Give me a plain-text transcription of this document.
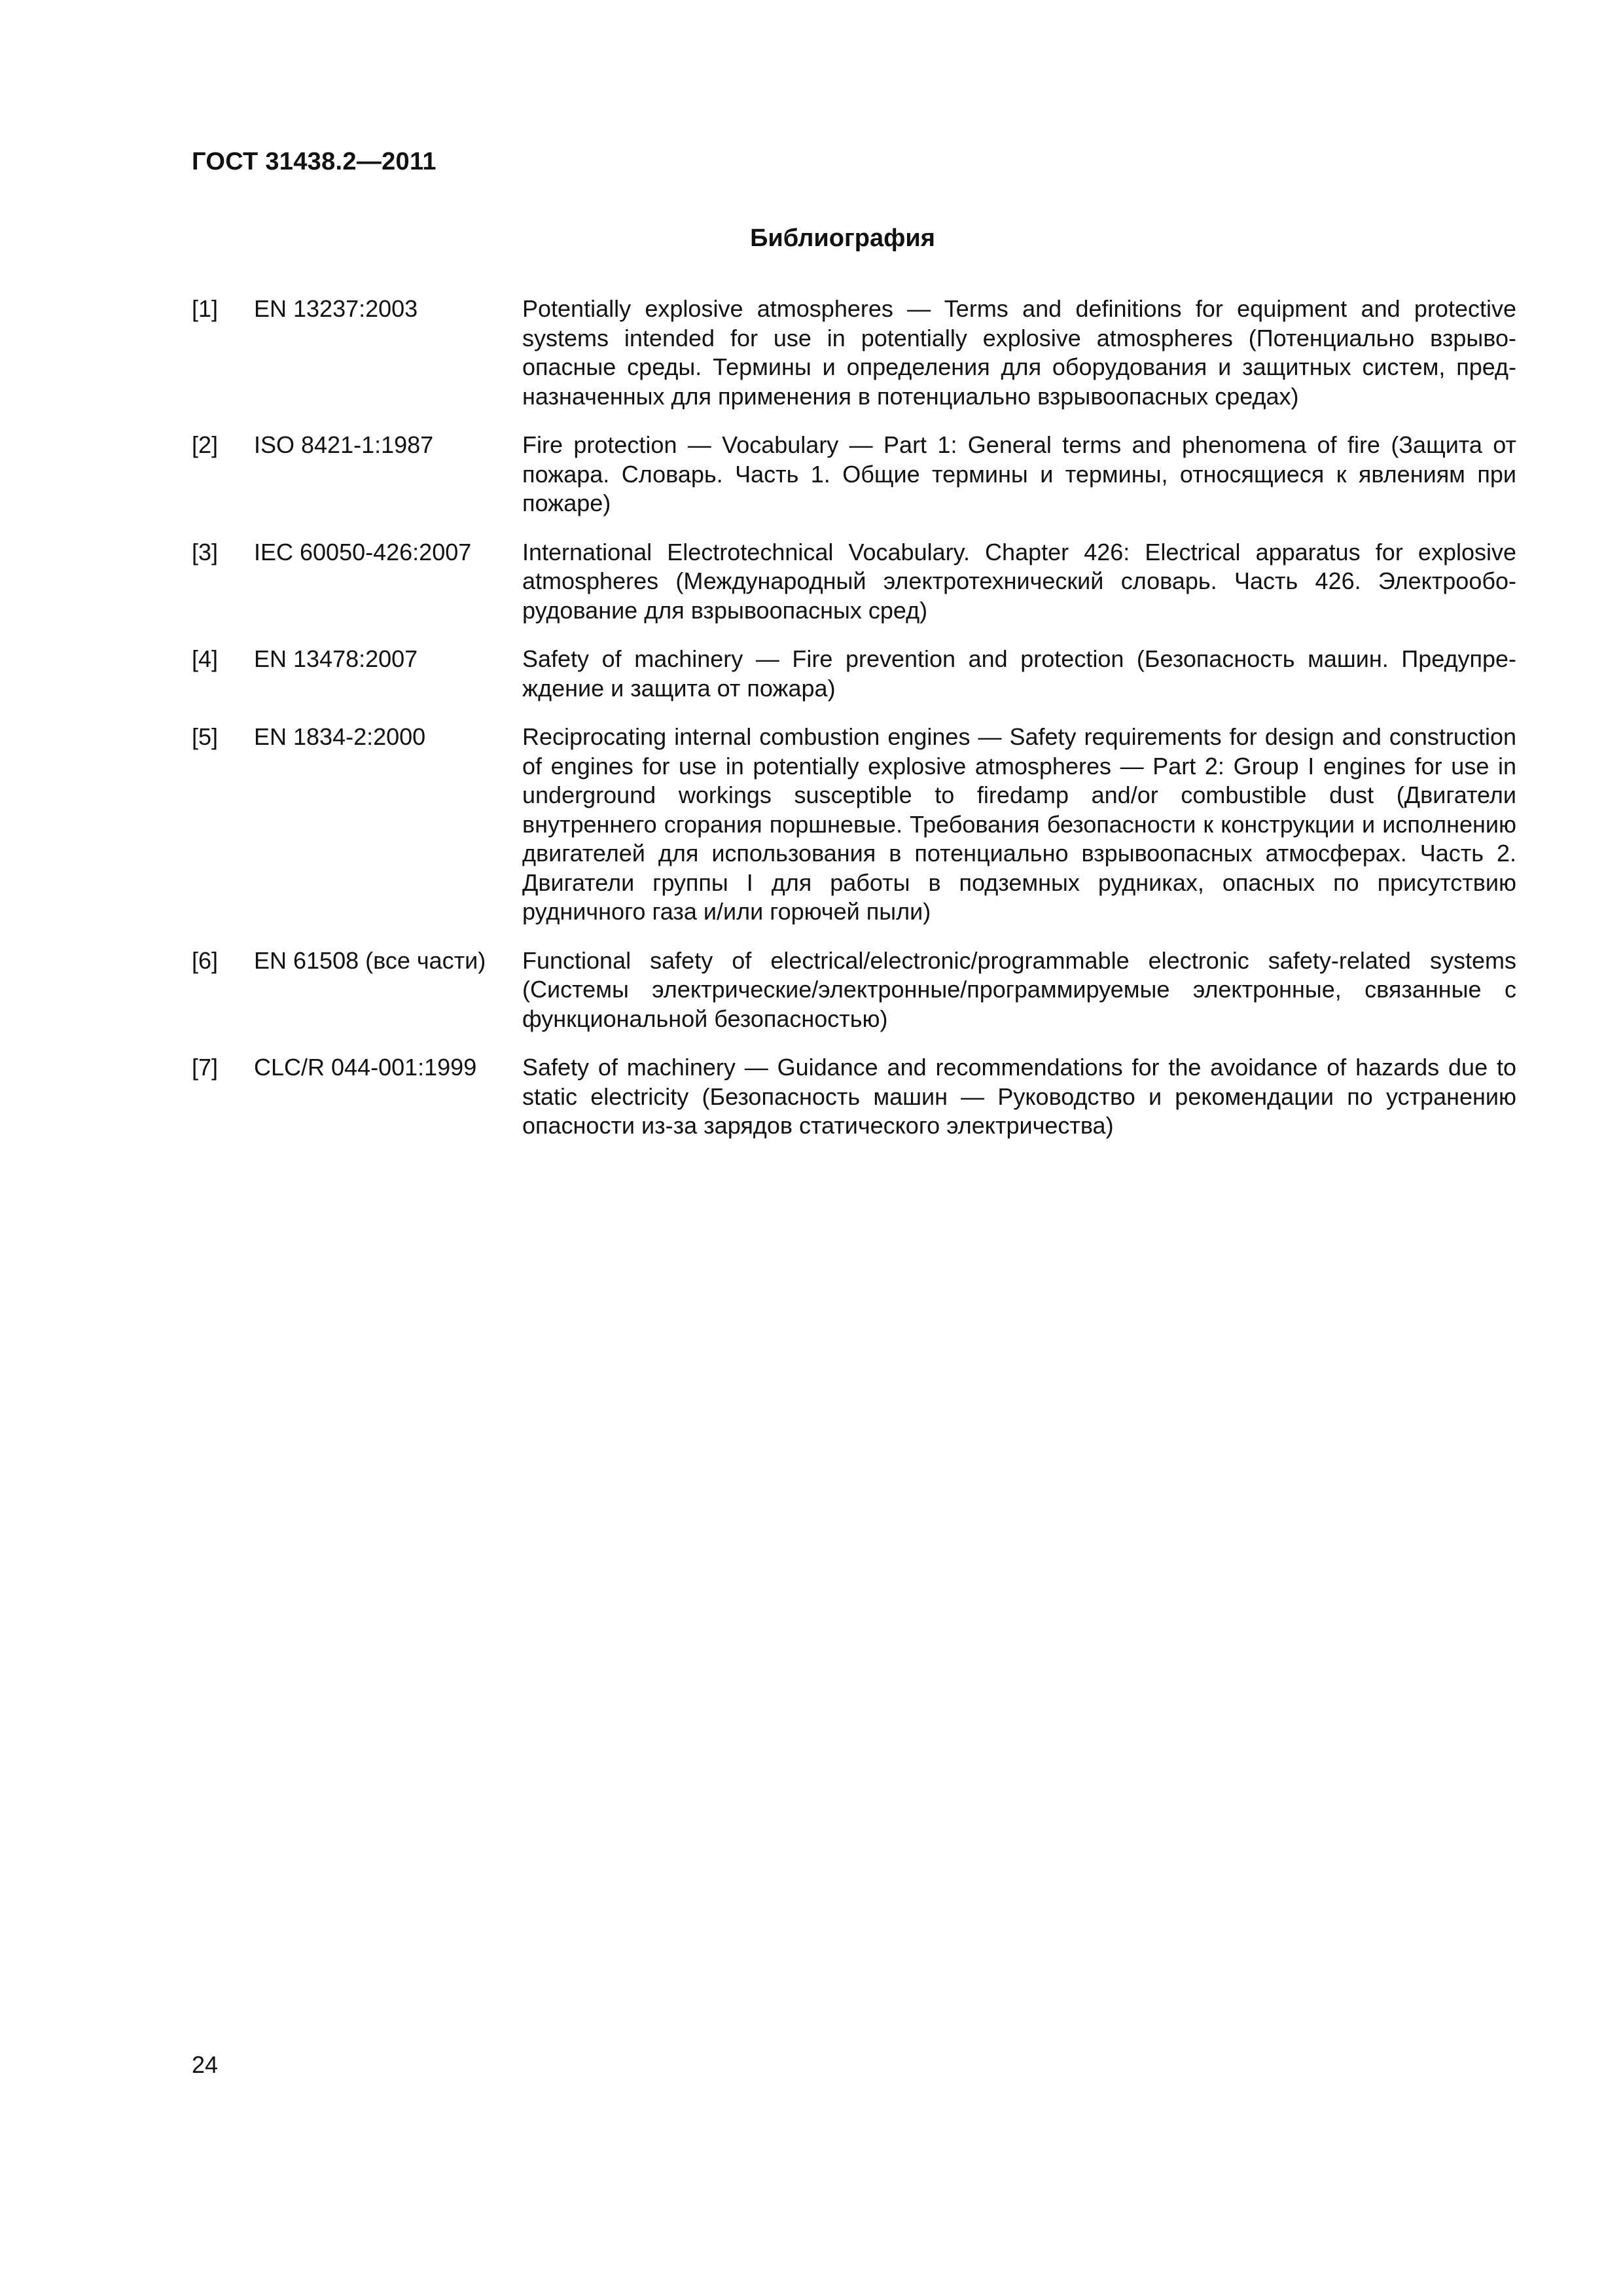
ГОСТ 31438.2—2011
Библиография
[1]	EN 13237:2003	Potentially explosive atmospheres — Terms and definitions for equipment and protective systems intended for use in potentially explosive atmospheres (Потенциально взрывоопасные среды. Термины и определения для оборудования и защитных систем, предназначенных для применения в потенциально взрывоопасных средах)
[2]	ISO 8421-1:1987	Fire protection — Vocabulary — Part 1: General terms and phenomena of fire (Защита от пожара. Словарь. Часть 1. Общие термины и термины, относящиеся к явлениям при пожаре)
[3]	IEC 60050-426:2007	International Electrotechnical Vocabulary. Chapter 426: Electrical apparatus for explosive atmospheres (Международный электротехнический словарь. Часть 426. Электрооборудование для взрывоопасных сред)
[4]	EN 13478:2007	Safety of machinery — Fire prevention and protection (Безопасность машин. Предупреждение и защита от пожара)
[5]	EN 1834-2:2000	Reciprocating internal combustion engines — Safety requirements for design and construction of engines for use in potentially explosive atmospheres — Part 2: Group I engines for use in underground workings susceptible to firedamp and/or combustible dust (Двигатели внутреннего сгорания поршневые. Требования безопасности к конструкции и исполнению двигателей для использования в потенциально взрывоопасных атмосферах. Часть 2. Двигатели группы I для работы в подземных рудниках, опасных по присутствию рудничного газа и/или горючей пыли)
[6]	EN 61508 (все части)	Functional safety of electrical/electronic/programmable electronic safety-related systems (Системы электрические/электронные/программируемые электронные, связанные с функциональной безопасностью)
[7]	CLC/R 044-001:1999	Safety of machinery — Guidance and recommendations for the avoidance of hazards due to static electricity (Безопасность машин — Руководство и рекомендации по устранению опасности из-за зарядов статического электричества)
24
